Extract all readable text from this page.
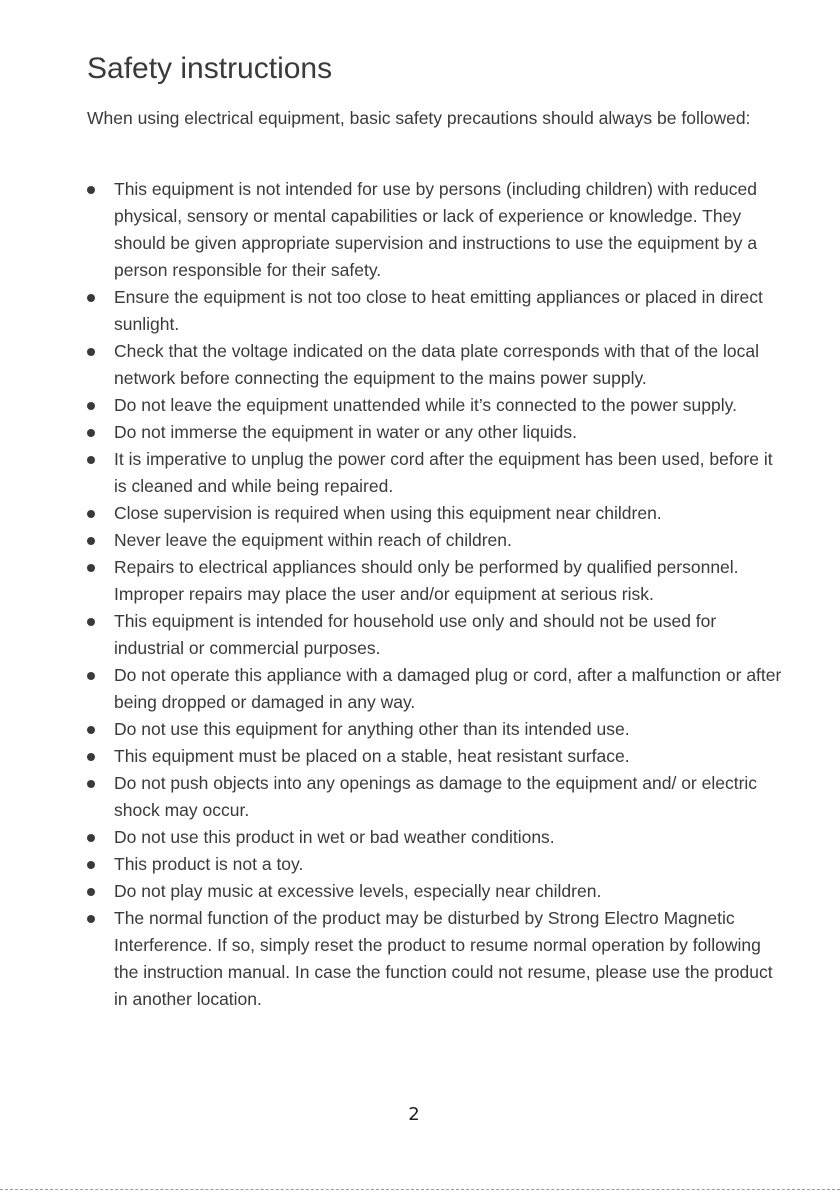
Safety instructions

When using electrical equipment, basic safety precautions should always be followed:

This equipment is not intended for use by persons (including children) with reduced physical, sensory or mental capabilities or lack of experience or knowledge. They should be given appropriate supervision and instructions to use the equipment by a person responsible for their safety.
Ensure the equipment is not too close to heat emitting appliances or placed in direct sunlight.
Check that the voltage indicated on the data plate corresponds with that of the local network before connecting the equipment to the mains power supply.
Do not leave the equipment unattended while it’s connected to the power supply.
Do not immerse the equipment in water or any other liquids.
It is imperative to unplug the power cord after the equipment has been used, before it is cleaned and while being repaired.
Close supervision is required when using this equipment near children.
Never leave the equipment within reach of children.
Repairs to electrical appliances should only be performed by qualified personnel. Improper repairs may place the user and/or equipment at serious risk.
This equipment is intended for household use only and should not be used for industrial or commercial purposes.
Do not operate this appliance with a damaged plug or cord, after a malfunction or after being dropped or damaged in any way.
Do not use this equipment for anything other than its intended use.
This equipment must be placed on a stable, heat resistant surface.
Do not push objects into any openings as damage to the equipment and/ or electric shock may occur.
Do not use this product in wet or bad weather conditions.
This product is not a toy.
Do not play music at excessive levels, especially near children.
The normal function of the product may be disturbed by Strong Electro Magnetic Interference. If so, simply reset the product to resume normal operation by following the instruction manual. In case the function could not resume, please use the product in another location.
2
